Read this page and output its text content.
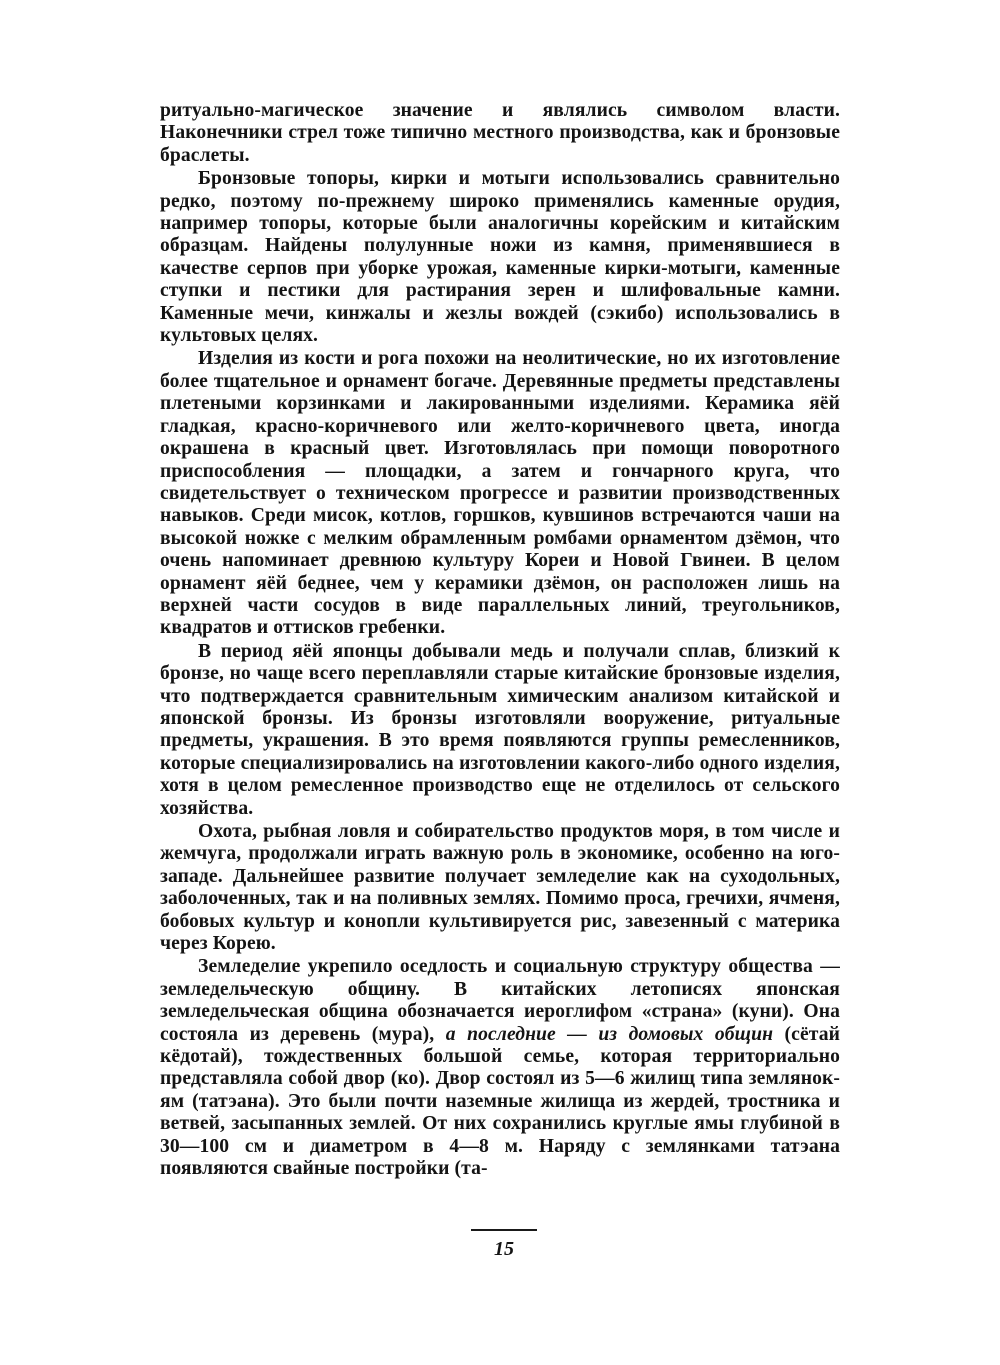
ритуально-магическое значение и являлись символом власти. Наконечники стрел тоже типично местного производства, как и бронзовые браслеты.

Бронзовые топоры, кирки и мотыги использовались сравнительно редко, поэтому по-прежнему широко применялись каменные орудия, например топоры, которые были аналогичны корейским и китайским образцам. Найдены полулунные ножи из камня, применявшиеся в качестве серпов при уборке урожая, каменные кирки-мотыги, каменные ступки и пестики для растирания зерен и шлифовальные камни. Каменные мечи, кинжалы и жезлы вождей (сэкибо) использовались в культовых целях.

Изделия из кости и рога похожи на неолитические, но их изготовление более тщательное и орнамент богаче. Деревянные предметы представлены плетеными корзинками и лакированными изделиями. Керамика яёй гладкая, красно-коричневого или желто-коричневого цвета, иногда окрашена в красный цвет. Изготовлялась при помощи поворотного приспособления — площадки, а затем и гончарного круга, что свидетельствует о техническом прогрессе и развитии производственных навыков. Среди мисок, котлов, горшков, кувшинов встречаются чаши на высокой ножке с мелким обрамленным ромбами орнаментом дзёмон, что очень напоминает древнюю культуру Кореи и Новой Гвинеи. В целом орнамент яёй беднее, чем у керамики дзёмон, он расположен лишь на верхней части сосудов в виде параллельных линий, треугольников, квадратов и оттисков гребенки.

В период яёй японцы добывали медь и получали сплав, близкий к бронзе, но чаще всего переплавляли старые китайские бронзовые изделия, что подтверждается сравнительным химическим анализом китайской и японской бронзы. Из бронзы изготовляли вооружение, ритуальные предметы, украшения. В это время появляются группы ремесленников, которые специализировались на изготовлении какого-либо одного изделия, хотя в целом ремесленное производство еще не отделилось от сельского хозяйства.

Охота, рыбная ловля и собирательство продуктов моря, в том числе и жемчуга, продолжали играть важную роль в экономике, особенно на юго-западе. Дальнейшее развитие получает земледелие как на суходольных, заболоченных, так и на поливных землях. Помимо проса, гречихи, ячменя, бобовых культур и конопли культивируется рис, завезенный с материка через Корею.

Земледелие укрепило оседлость и социальную структуру общества — земледельческую общину. В китайских летописях японская земледельческая община обозначается иероглифом «страна» (куни). Она состояла из деревень (мура), а последние — из домовых общин (сётай кёдотай), тождественных большой семье, которая территориально представляла собой двор (ко). Двор состоял из 5—6 жилищ типа землянок-ям (татэана). Это были почти наземные жилища из жердей, тростника и ветвей, засыпанных землей. От них сохранились круглые ямы глубиной в 30—100 см и диаметром в 4—8 м. Наряду с землянками татэана появляются свайные постройки (та-

15
